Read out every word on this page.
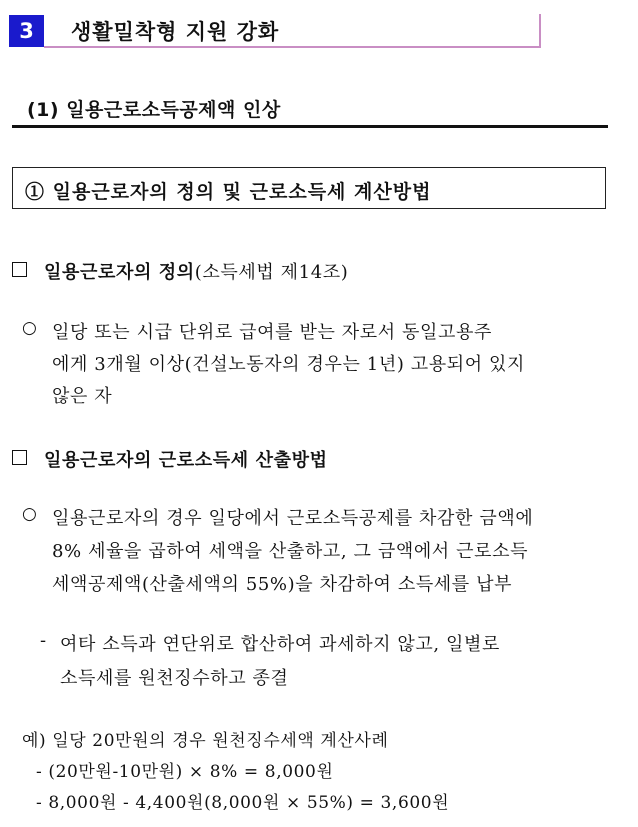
3	생활밀착형 지원 강화
(1) 일용근로소득공제액 인상
① 일용근로자의 정의 및 근로소득세 계산방법
일용근로자의 정의(소득세법 제14조)
○ 일당 또는 시급 단위로 급여를 받는 자로서 동일고용주
에게 3개월 이상(건설노동자의 경우는 1년) 고용되어 있지
않은 자
일용근로자의 근로소득세 산출방법
○ 일용근로자의 경우 일당에서 근로소득공제를 차감한 금액에
8% 세율을 곱하여 세액을 산출하고, 그 금액에서 근로소득
세액공제액(산출세액의 55%)을 차감하여 소득세를 납부
- 여타 소득과 연단위로 합산하여 과세하지 않고, 일별로
소득세를 원천징수하고 종결
예) 일당 20만원의 경우 원천징수세액 계산사례
- (20만원-10만원) × 8% = 8,000원
- 8,000원 - 4,400원(8,000원 × 55%) = 3,600원
